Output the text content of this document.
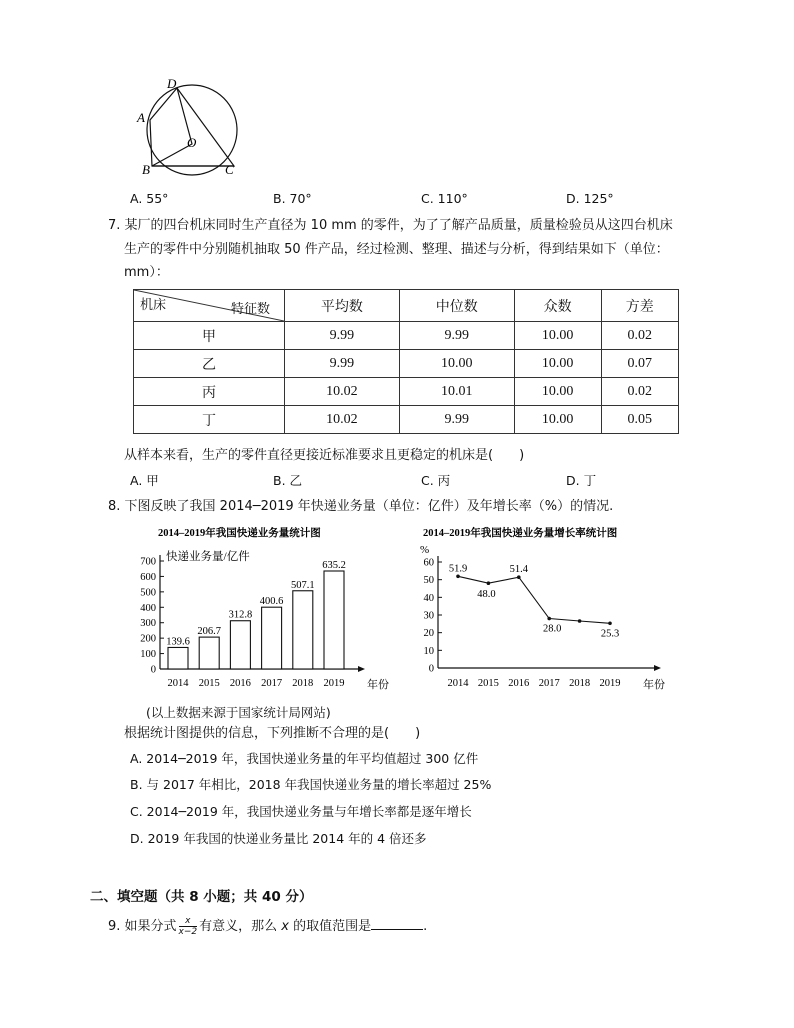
D
A
O
B	C
A. 55°	B. 70°	C. 110°	D. 125°
7. 某厂的四台机床同时生产直径为 10 mm 的零件，为了了解产品质量，质量检验员从这四台机床
生产的零件中分别随机抽取 50 件产品，经过检测、整理、描述与分析，得到结果如下（单位：
mm）：
机床 特征数	平均数	中位数	众数	方差
甲	9.99	9.99	10.00	0.02
乙	9.99	10.00	10.00	0.07
丙	10.02	10.01	10.00	0.02
丁	10.02	9.99	10.00	0.05
从样本来看，生产的零件直径更接近标准要求且更稳定的机床是(　　)
A. 甲	B. 乙	C. 丙	D. 丁
8. 下图反映了我国 2014─2019 年快递业务量（单位：亿件）及年增长率（%）的情况.
2014–2019年我国快递业务量统计图
快递业务量/亿件
年份
0
100
200
300
400
500
600
700
139.6
2014
206.7
2015
312.8
2016
400.6
2017
507.1
2018
635.2
2019
2014–2019年我国快递业务量增长率统计图
%
年份
0
10
20
30
40
50
60
51.9
2014
48.0
2015
51.4
2016
28.0
2017 2018
25.3
2019
(以上数据来源于国家统计局网站)
根据统计图提供的信息，下列推断不合理的是(　　)
A. 2014─2019 年，我国快递业务量的年平均值超过 300 亿件
B. 与 2017 年相比，2018 年我国快递业务量的增长率超过 25%
C. 2014─2019 年，我国快递业务量与年增长率都是逐年增长
D. 2019 年我国的快递业务量比 2014 年的 4 倍还多
二、填空题（共 8 小题；共 40 分）
9. 如果分式 $\frac{x}{x-2}$ 有意义，那么 x 的取值范围是	.
